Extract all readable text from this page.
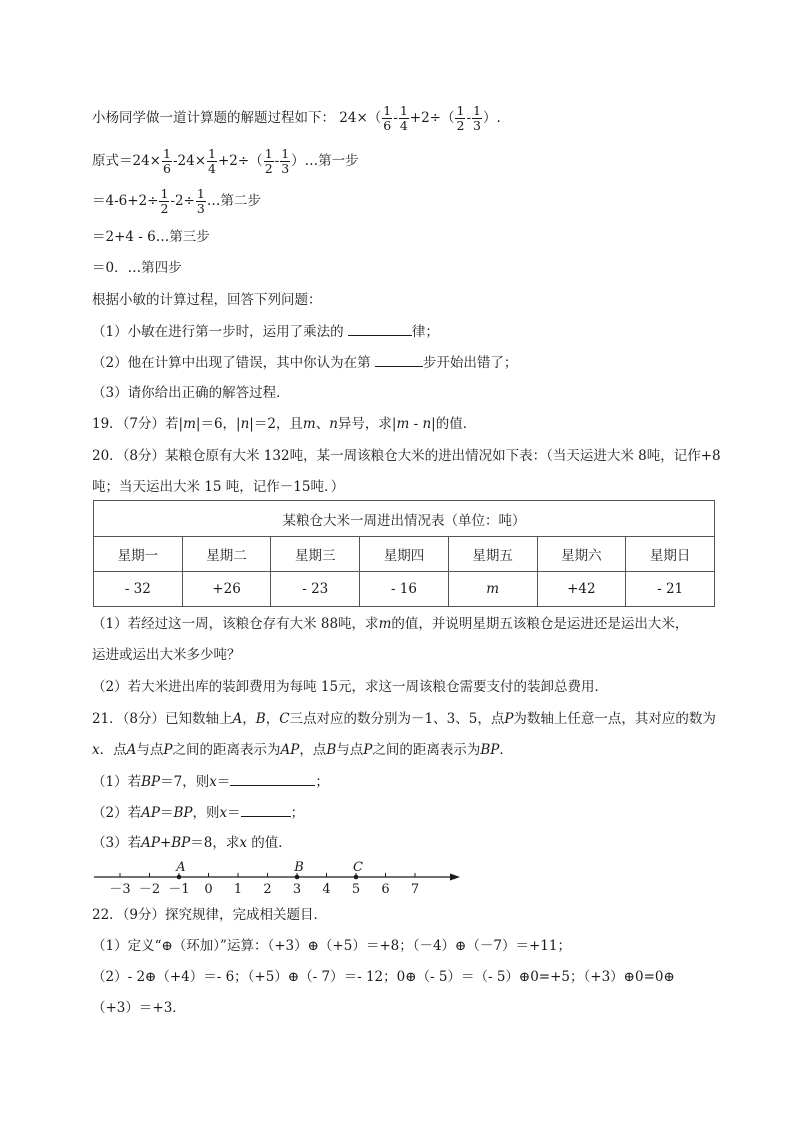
小杨同学做一道计算题的解题过程如下： $24\times( \frac{1}{6} - \frac{1}{4} +2\div( \frac{1}{2} - \frac{1}{3}$ ）.
原式$=24\times \frac{1}{6} -24\times \frac{1}{4} +2\div( \frac{1}{2} - \frac{1}{3}$ ）…第一步
$=4-6+2\div \frac{1}{2} -2\div \frac{1}{3}$ …第二步
＝2+4 - 6…第三步
＝0．…第四步
根据小敏的计算过程，回答下列问题：
（1）小敏在进行第一步时，运用了乘法的	律；
（2）他在计算中出现了错误，其中你认为在第	步开始出错了；
（3）请你给出正确的解答过程．
19．（7分）若|m|＝6，|n|＝2，且m、n异号，求|m - n|的值．
20．（8分）某粮仓原有大米 132吨，某一周该粮仓大米的进出情况如下表：（当天运进大米 8吨，记作+8
吨；当天运出大米 15 吨，记作－15吨．）
某粮仓大米一周进出情况表（单位：吨）						
星期一	星期二	星期三	星期四	星期五	星期六	星期日
- 32	+26	- 23	- 16	m	+42	- 21
（1）若经过这一周，该粮仓存有大米 88吨，求m的值，并说明星期五该粮仓是运进还是运出大米，
运进或运出大米多少吨？
（2）若大米进出库的装卸费用为每吨 15元，求这一周该粮仓需要支付的装卸总费用．
21．（8分）已知数轴上A，B，C三点对应的数分别为－1、3、5，点P为数轴上任意一点，其对应的数为
x．点A与点P之间的距离表示为AP，点B与点P之间的距离表示为BP．
（1）若BP＝7，则x＝	；
（2）若AP＝BP，则x＝	；
（3）若AP+BP＝8，求x 的值．
－3 －2 －1 0 1 2 3 4 5 6 7
A	B	C
22．（9分）探究规律，完成相关题目．
（1）定义“⊕（环加）”运算：（+3）⊕（+5）＝+8；（－4）⊕（－7）＝+11；
（2）- 2⊕（+4）＝- 6；（+5）⊕（- 7）＝- 12；0⊕（- 5）＝（- 5）⊕0=+5；（+3）⊕0=0⊕
（+3）＝+3．
